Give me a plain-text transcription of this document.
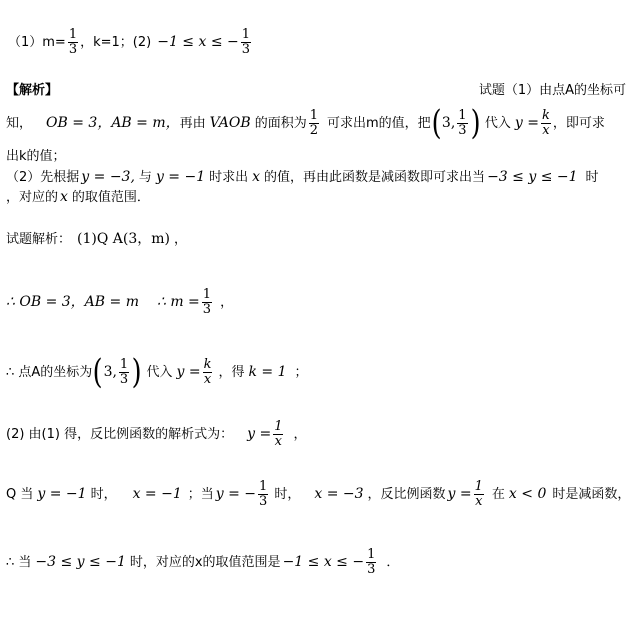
$(1)m= \frac{1}{3}$ ，k=1；(2) −1 ≤ x ≤ − $\frac{1}{3}$
【解析】	试题（1）由点A的坐标可
知， OB = 3，AB = m， 再由 VAOB 的面积为 $\frac{1}{2}$ 可求出m的值，把 ( 3, $\frac{1}{3}$ ) 代入 $y = \frac{k}{x}$ ，即可求
出k的值；
（2）先根据 y = −3, 与 y = −1 时求出 x 的值，再由此函数是减函数即可求出当 −3 ≤ y ≤ −1 时
，对应的 x 的取值范围．
试题解析： (1)Q A(3，m) ，
∴ OB = 3，AB = m ∴ $m = \frac{1}{3}$ ，
∴ 点A的坐标为 ( 3, $\frac{1}{3}$ ) 代入 $y = \frac{k}{x}$ ，得 k = 1 ；
(2) 由(1) 得，反比例函数的解析式为： $y = \frac{1}{x}$ ，
Q 当 y = −1 时， x = −1 ；当 y = − $\frac{1}{3}$ 时， x = −3 ，反比例函数 $y = \frac{1}{x}$ 在 x < 0 时是减函数，
∴ 当 −3 ≤ y ≤ −1 时，对应的x的取值范围是 −1 ≤ x ≤ − $\frac{1}{3}$ ．
